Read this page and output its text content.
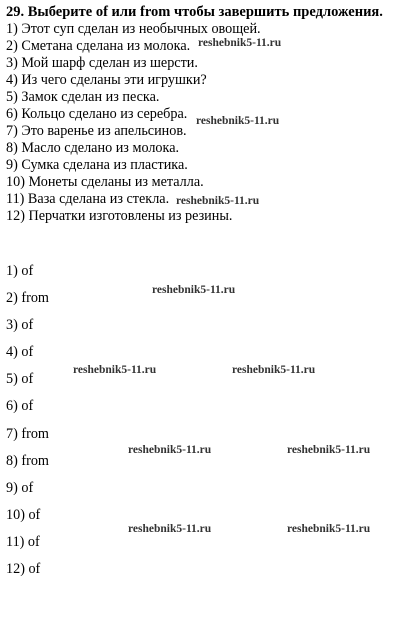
29. Выберите of или from чтобы завершить предложения.
1) Этот суп сделан из необычных овощей.
2) Сметана сделана из молока.
3) Мой шарф сделан из шерсти.
4) Из чего сделаны эти игрушки?
5) Замок сделан из песка.
6) Кольцо сделано из серебра.
7) Это варенье из апельсинов.
8) Масло сделано из молока.
9) Сумка сделана из пластика.
10) Монеты сделаны из металла.
11) Ваза сделана из стекла.
12) Перчатки изготовлены из резины.
1) of
2) from
3) of
4) of
5) of
6) of
7) from
8) from
9) of
10) of
11) of
12) of
reshebnik5-11.ru
reshebnik5-11.ru
reshebnik5-11.ru
reshebnik5-11.ru
reshebnik5-11.ru	reshebnik5-11.ru
reshebnik5-11.ru	reshebnik5-11.ru
reshebnik5-11.ru	reshebnik5-11.ru
